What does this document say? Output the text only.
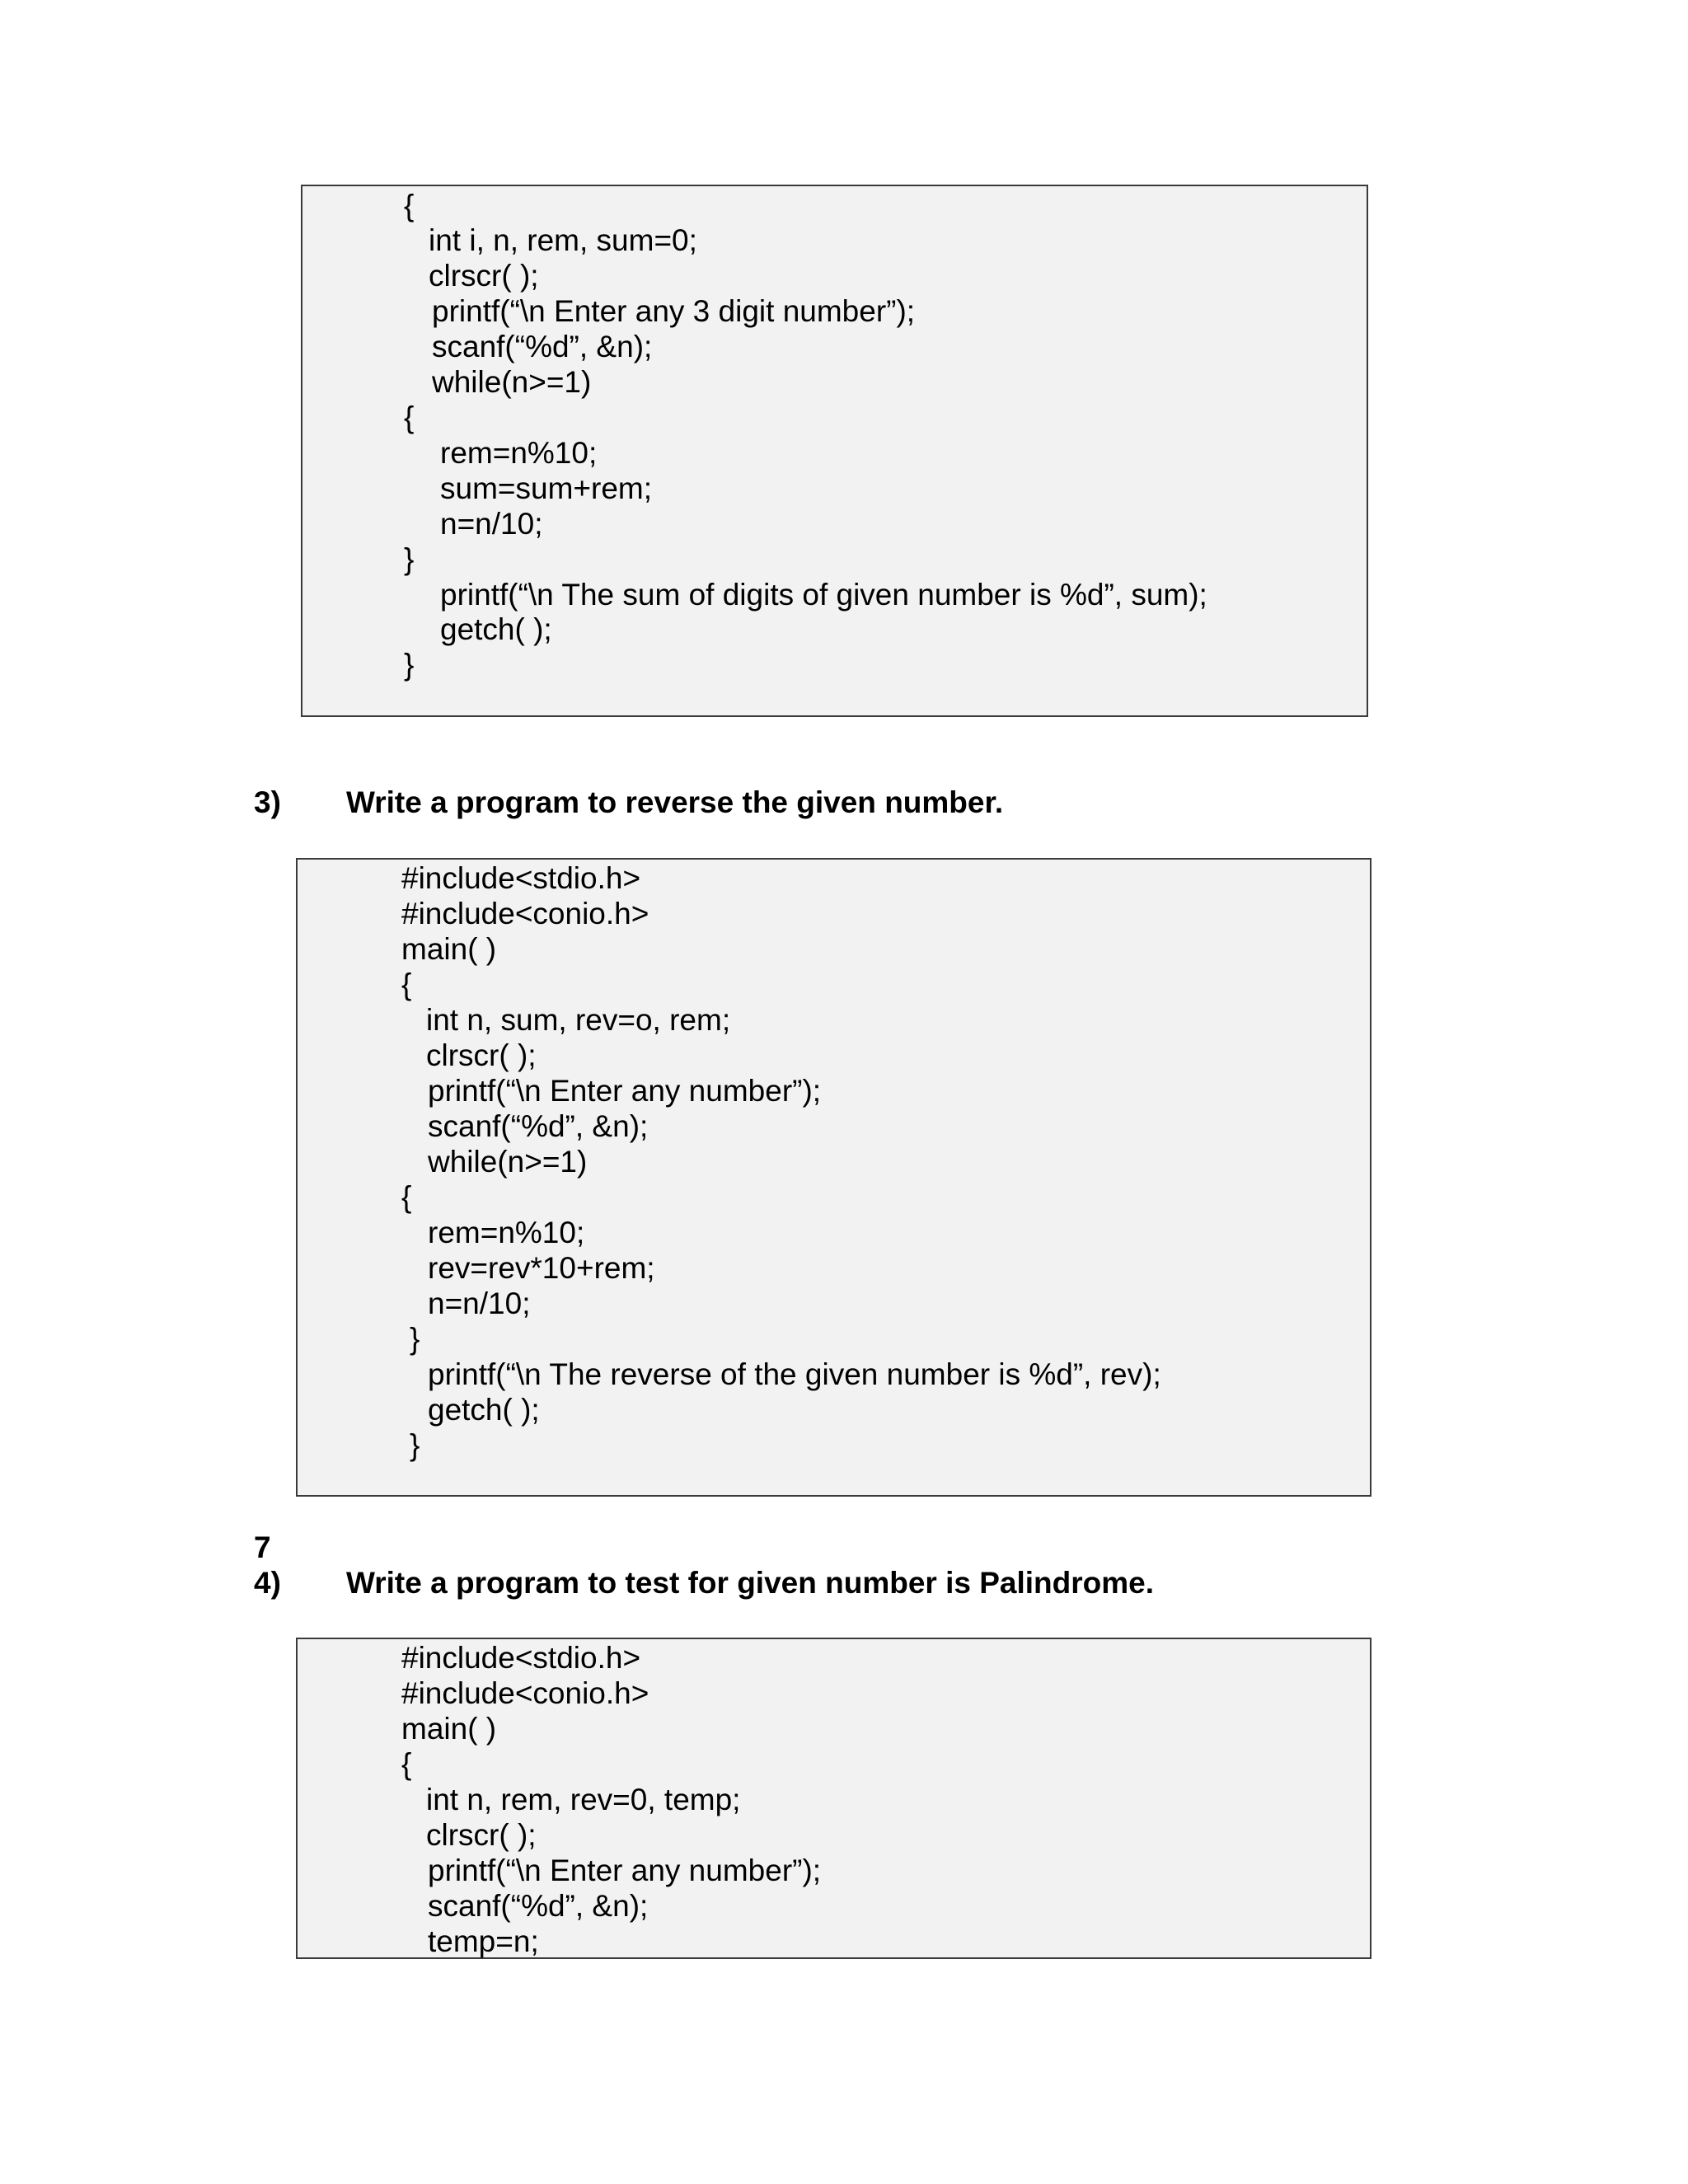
{
int i, n, rem, sum=0;
clrscr( );
printf(“\n Enter any 3 digit number”);
scanf(“%d”, &n);
while(n>=1)
{
rem=n%10;
sum=sum+rem;
n=n/10;
}
printf(“\n The sum of digits of given number is %d”, sum);
getch( );
}
3) Write a program to reverse the given number.
#include<stdio.h>
#include<conio.h>
main( )
{
int n, sum, rev=o, rem;
clrscr( );
printf(“\n Enter any number”);
scanf(“%d”, &n);
while(n>=1)
{
rem=n%10;
rev=rev*10+rem;
n=n/10;
}
printf(“\n The reverse of the given number is %d”, rev);
getch( );
}
7
4) Write a program to test for given number is Palindrome.
#include<stdio.h>
#include<conio.h>
main( )
{
int n, rem, rev=0, temp;
clrscr( );
printf(“\n Enter any number”);
scanf(“%d”, &n);
temp=n;
